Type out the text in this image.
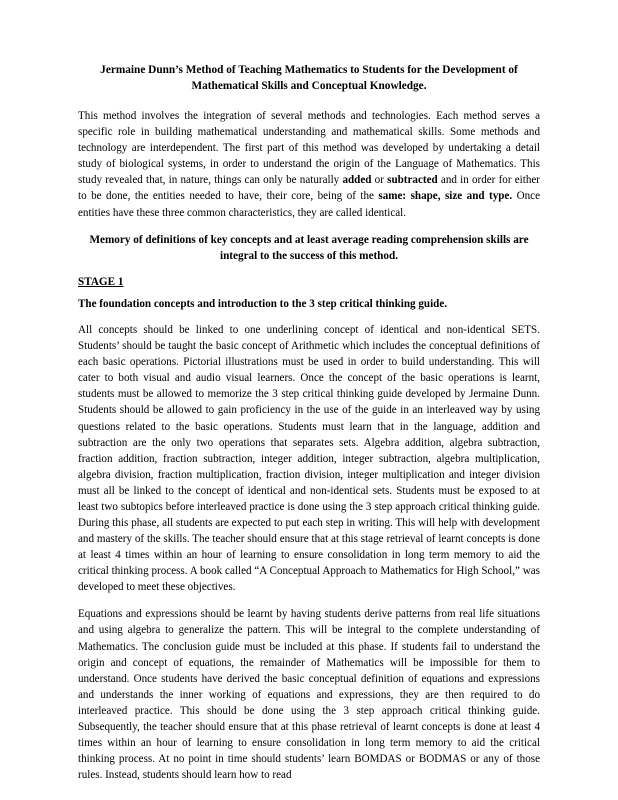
Jermaine Dunn’s Method of Teaching Mathematics to Students for the Development of
Mathematical Skills and Conceptual Knowledge.

This method involves the integration of several methods and technologies. Each method serves a specific role in building mathematical understanding and mathematical skills. Some methods and technology are interdependent. The first part of this method was developed by undertaking a detail study of biological systems, in order to understand the origin of the Language of Mathematics. This study revealed that, in nature, things can only be naturally added or subtracted and in order for either to be done, the entities needed to have, their core, being of the same: shape, size and type. Once entities have these three common characteristics, they are called identical.

Memory of definitions of key concepts and at least average reading comprehension skills are integral to the success of this method.

STAGE 1

The foundation concepts and introduction to the 3 step critical thinking guide.

All concepts should be linked to one underlining concept of identical and non-identical SETS. Students’ should be taught the basic concept of Arithmetic which includes the conceptual definitions of each basic operations. Pictorial illustrations must be used in order to build understanding. This will cater to both visual and audio visual learners. Once the concept of the basic operations is learnt, students must be allowed to memorize the 3 step critical thinking guide developed by Jermaine Dunn. Students should be allowed to gain proficiency in the use of the guide in an interleaved way by using questions related to the basic operations. Students must learn that in the language, addition and subtraction are the only two operations that separates sets. Algebra addition, algebra subtraction, fraction addition, fraction subtraction, integer addition, integer subtraction, algebra multiplication, algebra division, fraction multiplication, fraction division, integer multiplication and integer division must all be linked to the concept of identical and non-identical sets. Students must be exposed to at least two subtopics before interleaved practice is done using the 3 step approach critical thinking guide. During this phase, all students are expected to put each step in writing. This will help with development and mastery of the skills. The teacher should ensure that at this stage retrieval of learnt concepts is done at least 4 times within an hour of learning to ensure consolidation in long term memory to aid the critical thinking process. A book called “A Conceptual Approach to Mathematics for High School,” was developed to meet these objectives.

Equations and expressions should be learnt by having students derive patterns from real life situations and using algebra to generalize the pattern. This will be integral to the complete understanding of Mathematics. The conclusion guide must be included at this phase. If students fail to understand the origin and concept of equations, the remainder of Mathematics will be impossible for them to understand. Once students have derived the basic conceptual definition of equations and expressions and understands the inner working of equations and expressions, they are then required to do interleaved practice. This should be done using the 3 step approach critical thinking guide. Subsequently, the teacher should ensure that at this phase retrieval of learnt concepts is done at least 4 times within an hour of learning to ensure consolidation in long term memory to aid the critical thinking process. At no point in time should students’ learn BOMDAS or BODMAS or any of those rules. Instead, students should learn how to read
